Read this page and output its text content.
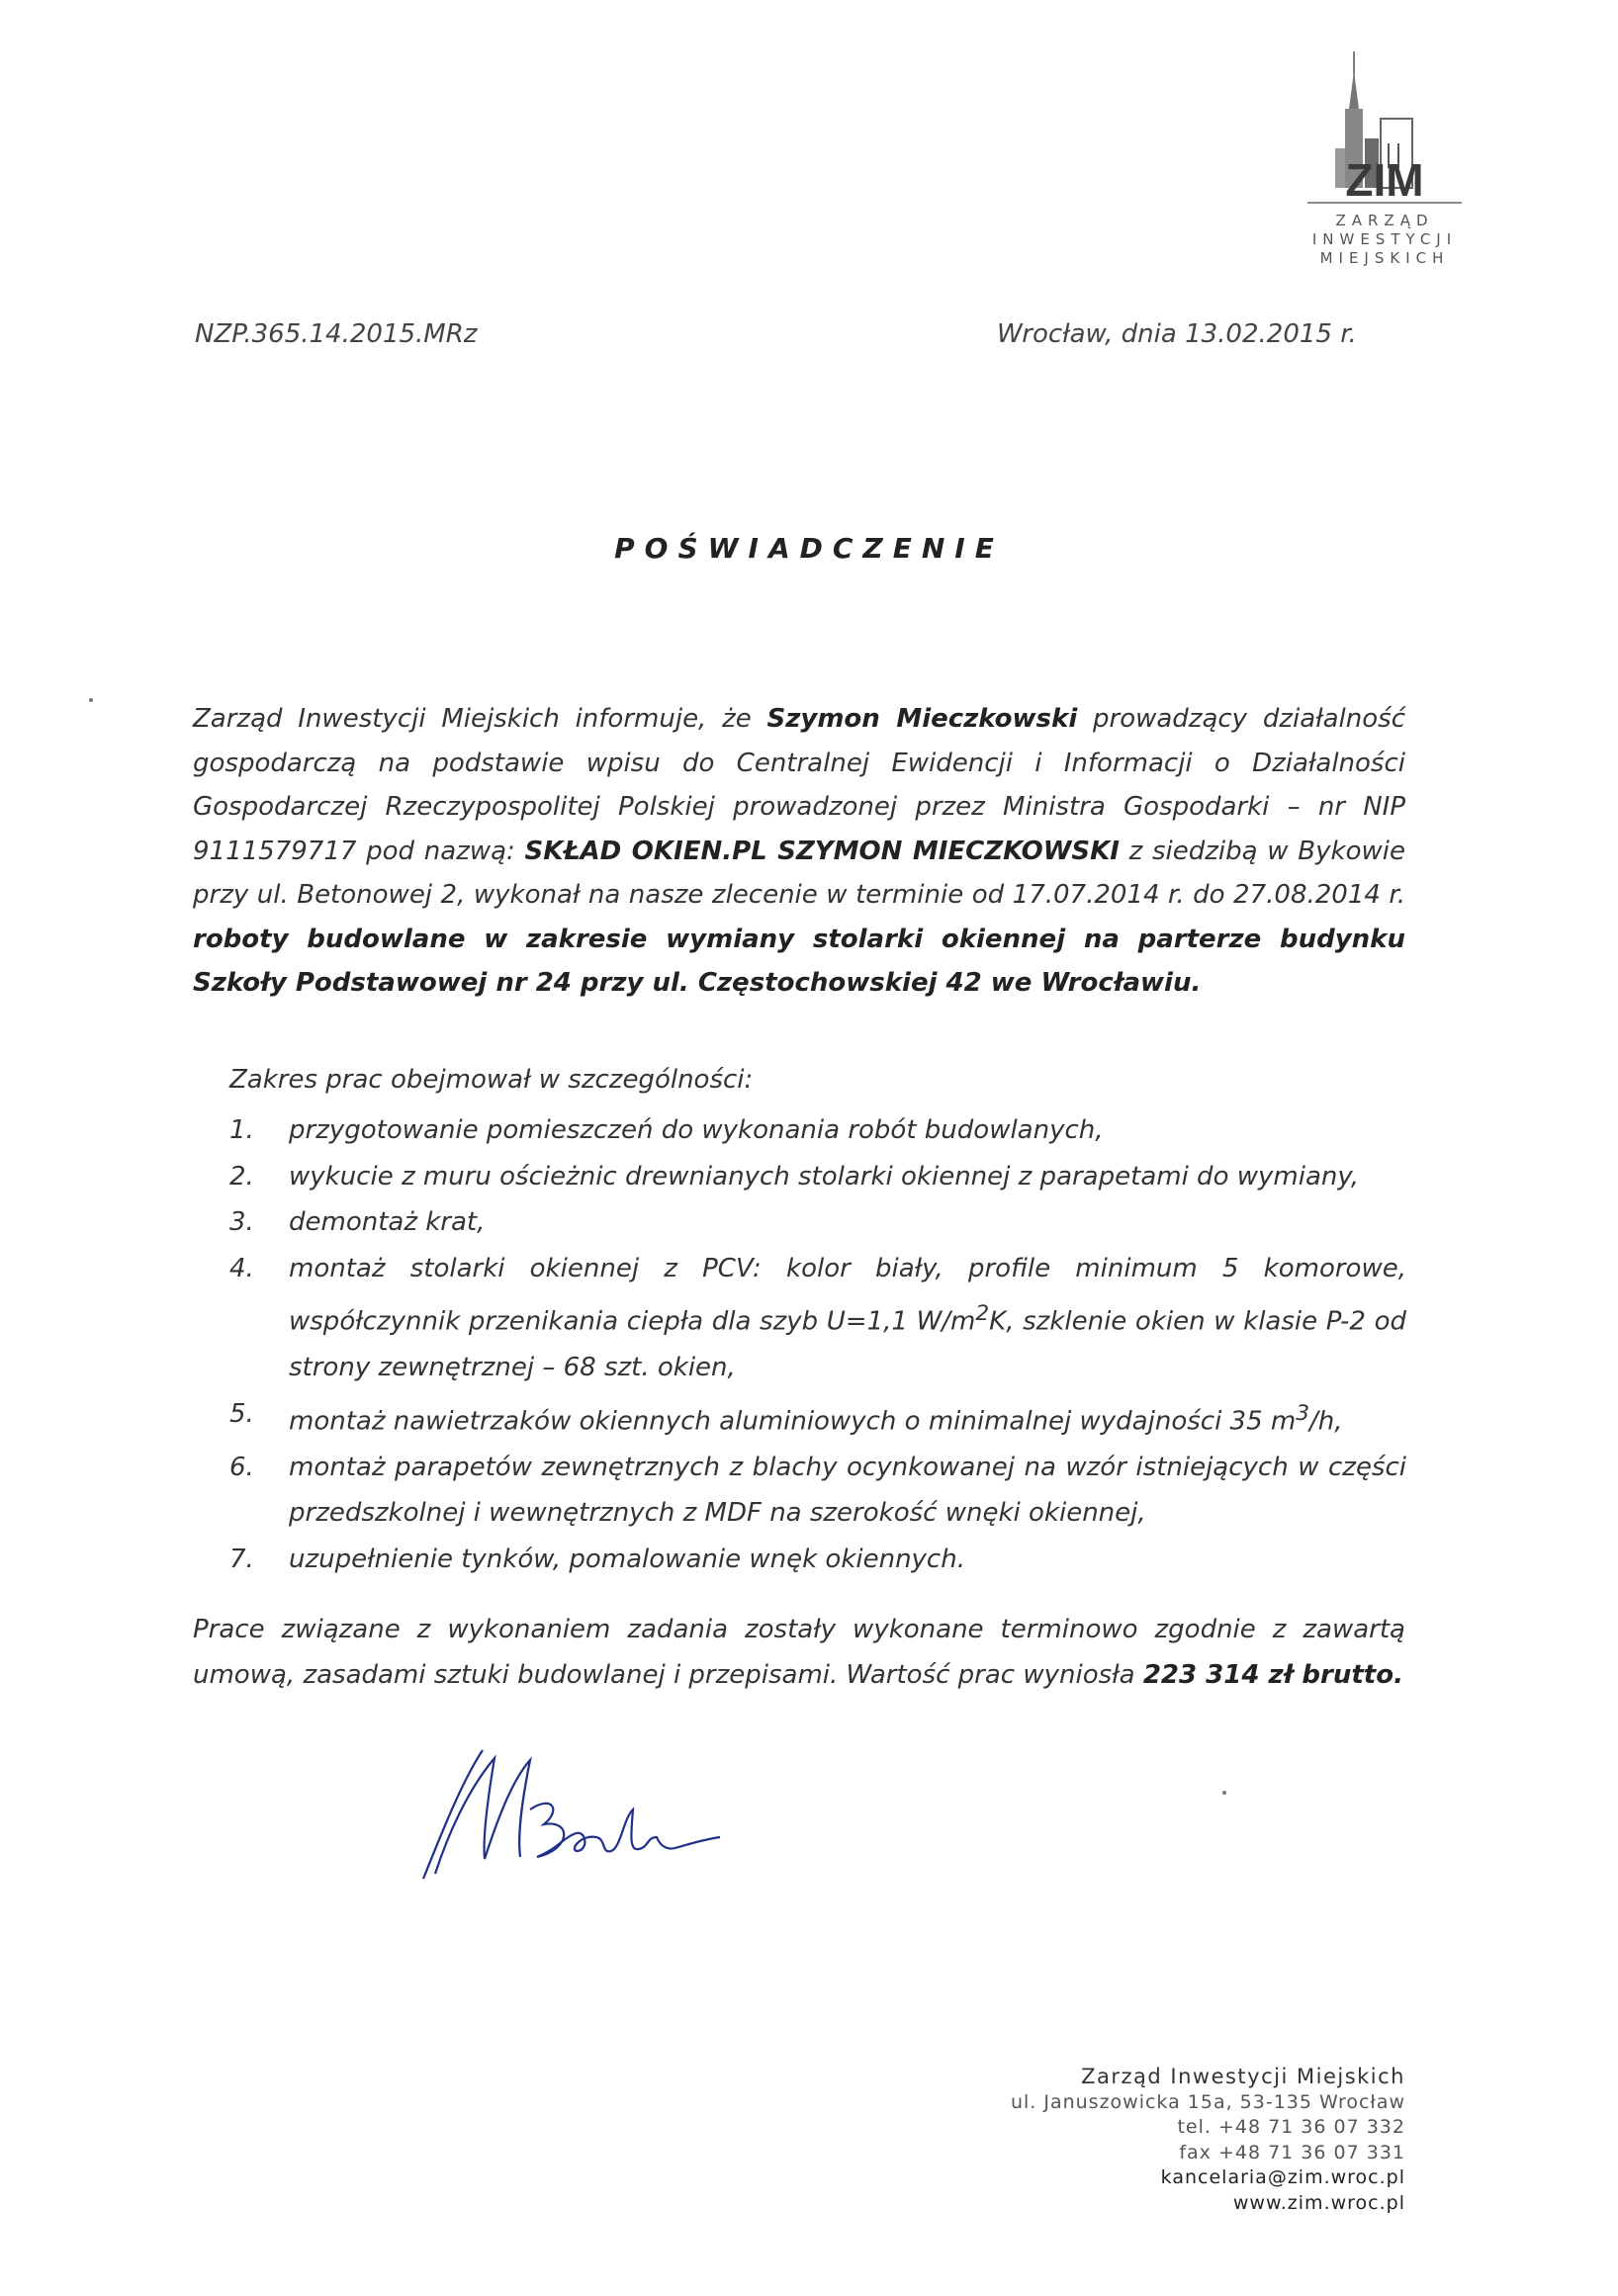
ZIM
ZARZĄD
INWESTYCJI
MIEJSKICH
NZP.365.14.2015.MRz	Wrocław, dnia 13.02.2015 r.
POŚWIADCZENIE
Zarząd Inwestycji Miejskich informuje, że Szymon Mieczkowski prowadzący działalność gospodarczą na podstawie wpisu do Centralnej Ewidencji i Informacji o Działalności Gospodarczej Rzeczypospolitej Polskiej prowadzonej przez Ministra Gospodarki – nr NIP 9111579717 pod nazwą: SKŁAD OKIEN.PL SZYMON MIECZKOWSKI z siedzibą w Bykowie przy ul. Betonowej 2, wykonał na nasze zlecenie w terminie od 17.07.2014 r. do 27.08.2014 r. roboty budowlane w zakresie wymiany stolarki okiennej na parterze budynku Szkoły Podstawowej nr 24 przy ul. Częstochowskiej 42 we Wrocławiu.
Zakres prac obejmował w szczególności:
1.	przygotowanie pomieszczeń do wykonania robót budowlanych,
2.	wykucie z muru ościeżnic drewnianych stolarki okiennej z parapetami do wymiany,
3.	demontaż krat,
4.	montaż stolarki okiennej z PCV: kolor biały, profile minimum 5 komorowe, współczynnik przenikania ciepła dla szyb U=1,1 $W/m^2K$, szklenie okien w klasie P-2 od strony zewnętrznej – 68 szt. okien,
5.	montaż nawietrzaków okiennych aluminiowych o minimalnej wydajności 35 $m^3/h$,
6.	montaż parapetów zewnętrznych z blachy ocynkowanej na wzór istniejących w części przedszkolnej i wewnętrznych z MDF na szerokość wnęki okiennej,
7.	uzupełnienie tynków, pomalowanie wnęk okiennych.
Prace związane z wykonaniem zadania zostały wykonane terminowo zgodnie z zawartą umową, zasadami sztuki budowlanej i przepisami. Wartość prac wyniosła 223 314 zł brutto.
Zarząd Inwestycji Miejskich
ul. Januszowicka 15a, 53-135 Wrocław
tel. +48 71 36 07 332
fax +48 71 36 07 331
kancelaria@zim.wroc.pl
www.zim.wroc.pl
